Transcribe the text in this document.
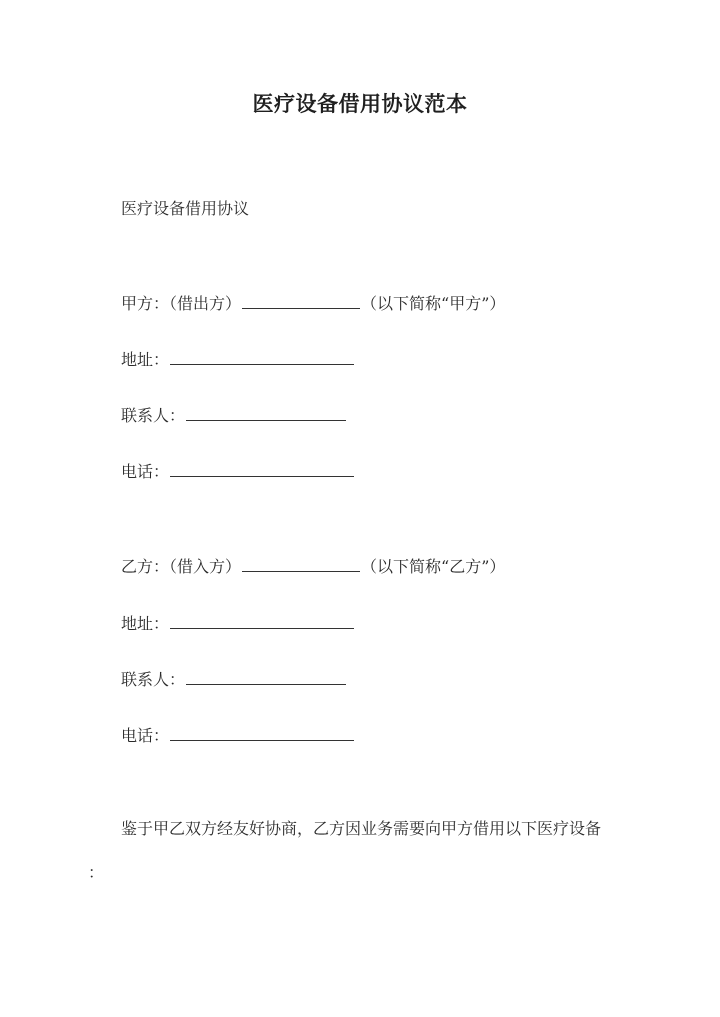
医疗设备借用协议范本
医疗设备借用协议
甲方：（借出方）	（以下简称“甲方”）
地址：
联系人：
电话：
乙方：（借入方）	（以下简称“乙方”）
地址：
联系人：
电话：
鉴于甲乙双方经友好协商，乙方因业务需要向甲方借用以下医疗设备
：
